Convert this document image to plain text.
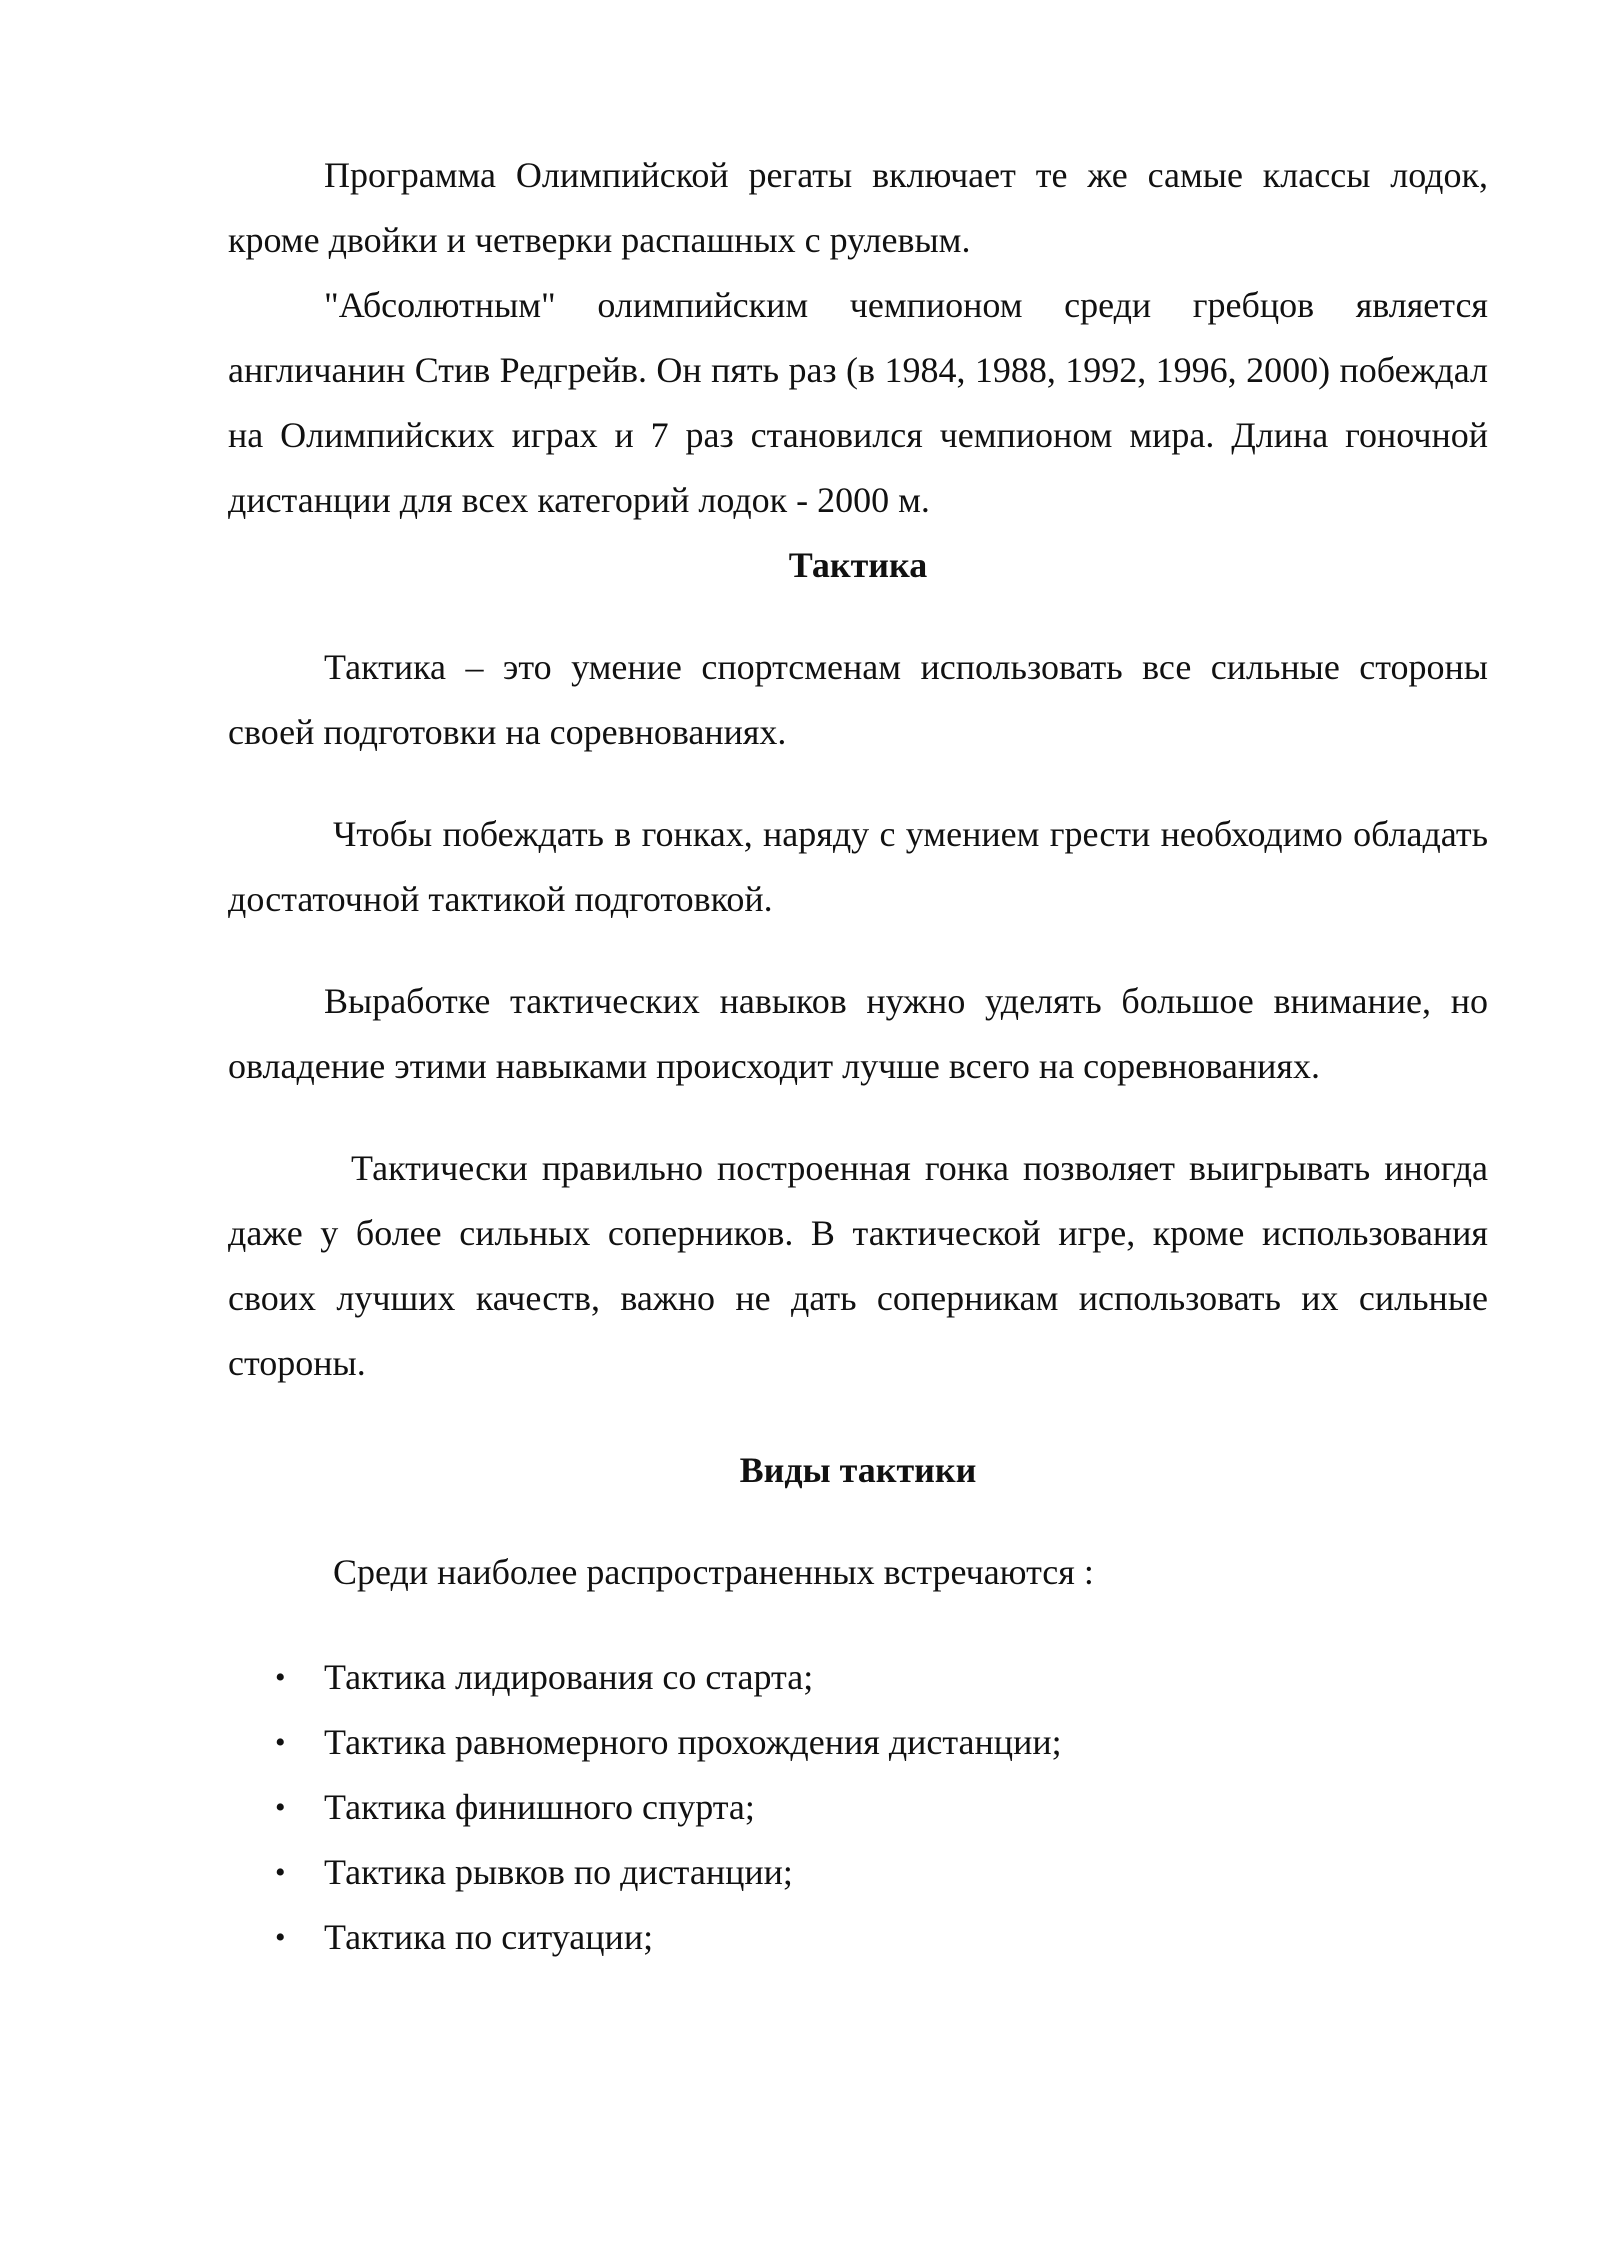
Программа Олимпийской регаты включает те же самые классы лодок, кроме двойки и четверки распашных с рулевым.

"Абсолютным" олимпийским чемпионом среди гребцов является англичанин Стив Редгрейв. Он пять раз (в 1984, 1988, 1992, 1996, 2000) побеждал на Олимпийских играх и 7 раз становился чемпионом мира. Длина гоночной дистанции для всех категорий лодок - 2000 м.

Тактика

Тактика – это умение спортсменам использовать все сильные стороны своей подготовки на соревнованиях.

Чтобы побеждать в гонках, наряду с умением грести необходимо обладать достаточной тактикой подготовкой.

Выработке тактических навыков нужно уделять большое внимание, но овладение этими навыками происходит лучше всего на соревнованиях.

Тактически правильно построенная гонка позволяет выигрывать иногда даже у более сильных соперников. В тактической игре, кроме использования своих лучших качеств, важно не дать соперникам использовать их сильные стороны.

Виды тактики

Среди наиболее распространенных встречаются :

• Тактика лидирования со старта;
• Тактика равномерного прохождения дистанции;
• Тактика финишного спурта;
• Тактика рывков по дистанции;
• Тактика по ситуации;
